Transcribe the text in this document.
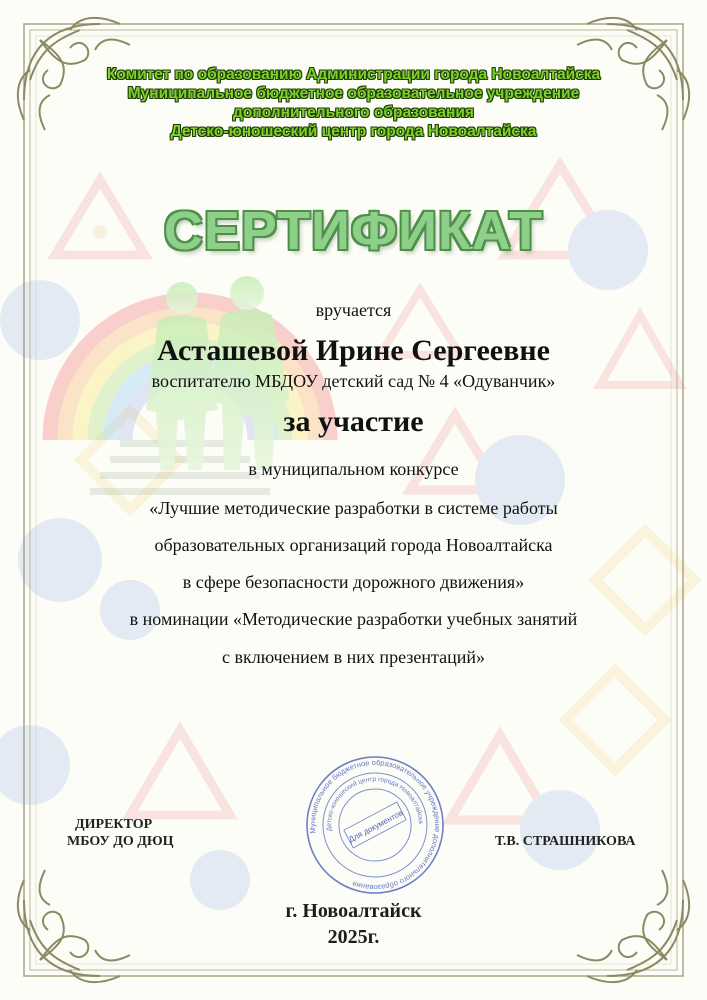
Муниципальное бюджетное образовательное учреждение дополнительного образования
Детско-юношеский центр города Новоалтайска
Для документов
Комитет по образованию Администрации города Новоалтайска
Муниципальное бюджетное образовательное учреждение
дополнительного образования
Детско-юношеский центр города Новоалтайска
СЕРТИФИКАТ
вручается
Асташевой Ирине Сергеевне
воспитателю МБДОУ детский сад № 4 «Одуванчик»
за участие
в муниципальном конкурсе
«Лучшие методические разработки в системе работы
образовательных организаций города Новоалтайска
в сфере безопасности дорожного движения»
в номинации «Методические разработки учебных занятий
с включением в них презентаций»
ДИРЕКТОР
МБОУ ДО ДЮЦ	Т.В. СТРАШНИКОВА
г. Новоалтайск
2025г.
